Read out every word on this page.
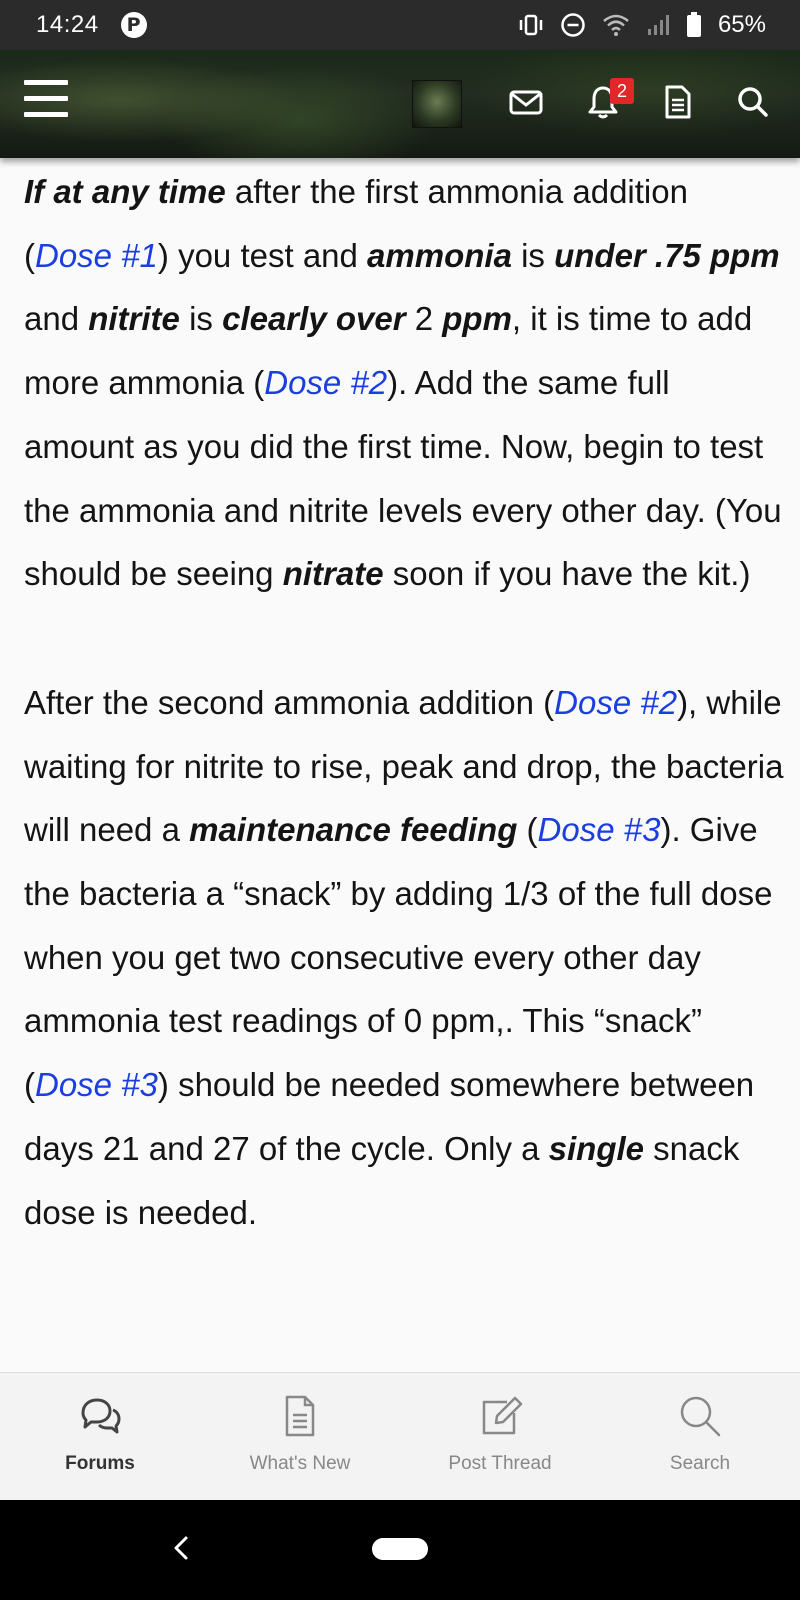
14:24	P	65%
2

If at any time after the first ammonia addition (Dose #1) you test and ammonia is under .75 ppm and nitrite is clearly over 2 ppm, it is time to add more ammonia (Dose #2). Add the same full amount as you did the first time. Now, begin to test the ammonia and nitrite levels every other day. (You should be seeing nitrate soon if you have the kit.)

After the second ammonia addition (Dose #2), while waiting for nitrite to rise, peak and drop, the bacteria will need a maintenance feeding (Dose #3). Give the bacteria a “snack” by adding 1/3 of the full dose when you get two consecutive every other day ammonia test readings of 0 ppm,. This “snack” (Dose #3) should be needed somewhere between days 21 and 27 of the cycle. Only a single snack dose is needed.

Forums	What's New	Post Thread	Search
